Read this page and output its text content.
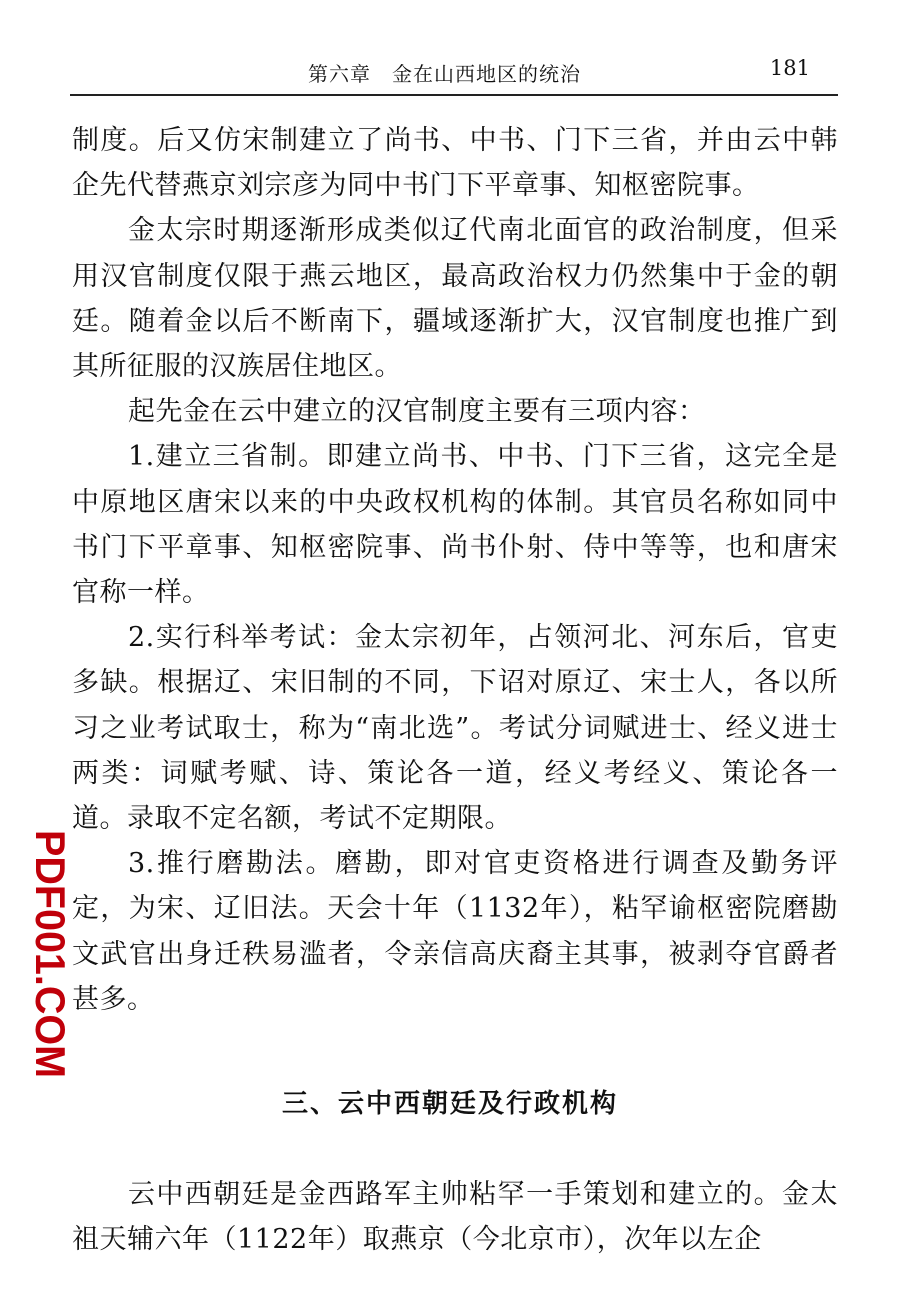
第六章　金在山西地区的统治	181

制度。后又仿宋制建立了尚书、中书、门下三省，并由云中韩企先代替燕京刘宗彦为同中书门下平章事、知枢密院事。

金太宗时期逐渐形成类似辽代南北面官的政治制度，但采用汉官制度仅限于燕云地区，最高政治权力仍然集中于金的朝廷。随着金以后不断南下，疆域逐渐扩大，汉官制度也推广到其所征服的汉族居住地区。

起先金在云中建立的汉官制度主要有三项内容：

1.建立三省制。即建立尚书、中书、门下三省，这完全是中原地区唐宋以来的中央政权机构的体制。其官员名称如同中书门下平章事、知枢密院事、尚书仆射、侍中等等，也和唐宋官称一样。

2.实行科举考试：金太宗初年，占领河北、河东后，官吏多缺。根据辽、宋旧制的不同，下诏对原辽、宋士人，各以所习之业考试取士，称为“南北选”。考试分词赋进士、经义进士两类：词赋考赋、诗、策论各一道，经义考经义、策论各一道。录取不定名额，考试不定期限。

3.推行磨勘法。磨勘，即对官吏资格进行调查及勤务评定，为宋、辽旧法。天会十年（1132年），粘罕谕枢密院磨勘文武官出身迁秩易滥者，令亲信高庆裔主其事，被剥夺官爵者甚多。

三、云中西朝廷及行政机构

云中西朝廷是金西路军主帅粘罕一手策划和建立的。金太祖天辅六年（1122年）取燕京（今北京市），次年以左企

PDF001.COM
